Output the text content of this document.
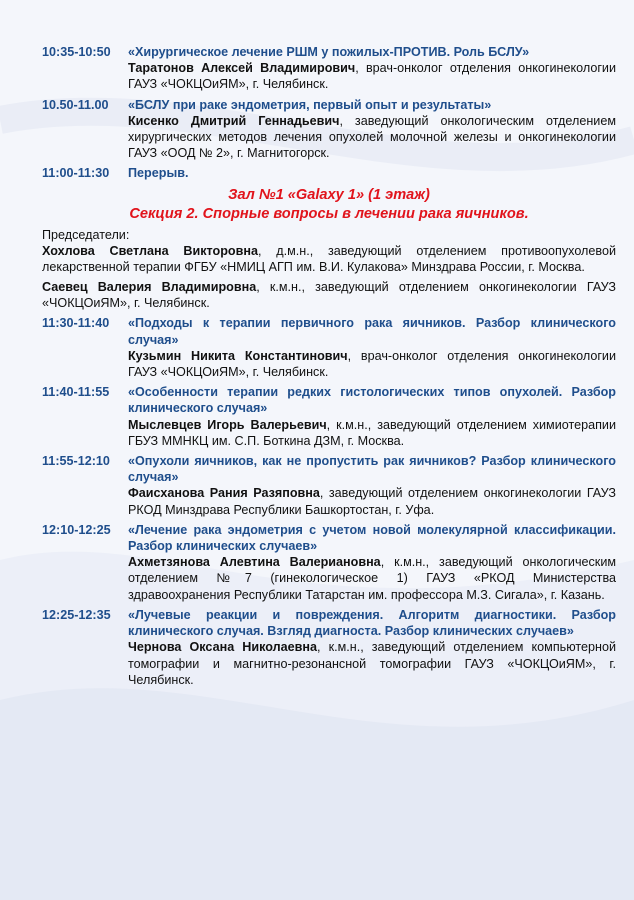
10:35-10:50	«Хирургическое лечение РШМ у пожилых-ПРОТИВ. Роль БСЛУ»
Таратонов Алексей Владимирович, врач-онколог отделения онкогинекологии ГАУЗ «ЧОКЦОиЯМ», г. Челябинск.
10.50-11.00	«БСЛУ при раке эндометрия, первый опыт и результаты»
Кисенко Дмитрий Геннадьевич, заведующий онкологическим отделением хирургических методов лечения опухолей молочной железы и онкогинекологии ГАУЗ «ООД № 2», г. Магнитогорск.
11:00-11:30	Перерыв.
Зал №1 «Galaxy 1» (1 этаж)
Секция 2. Спорные вопросы в лечении рака яичников.
Председатели:
Хохлова Светлана Викторовна, д.м.н., заведующий отделением противоопухолевой лекарственной терапии ФГБУ «НМИЦ АГП им. В.И. Кулакова» Минздрава России, г. Москва.
Саевец Валерия Владимировна, к.м.н., заведующий отделением онкогинекологии ГАУЗ «ЧОКЦОиЯМ», г. Челябинск.
11:30-11:40	«Подходы к терапии первичного рака яичников. Разбор клинического случая»
Кузьмин Никита Константинович, врач-онколог отделения онкогинекологии ГАУЗ «ЧОКЦОиЯМ», г. Челябинск.
11:40-11:55	«Особенности терапии редких гистологических типов опухолей. Разбор клинического случая»
Мыслевцев Игорь Валерьевич, к.м.н., заведующий отделением химиотерапии ГБУЗ ММНКЦ им. С.П. Боткина ДЗМ, г. Москва.
11:55-12:10	«Опухоли яичников, как не пропустить рак яичников? Разбор клинического случая»
Фаисханова Рания Разяповна, заведующий отделением онкогинекологии ГАУЗ РКОД Минздрава Республики Башкортостан, г. Уфа.
12:10-12:25	«Лечение рака эндометрия с учетом новой молекулярной классификации. Разбор клинических случаев»
Ахметзянова Алевтина Валериановна, к.м.н., заведующий онкологическим отделением №7 (гинекологическое 1) ГАУЗ «РКОД Министерства здравоохранения Республики Татарстан им. профессора М.З. Сигала», г. Казань.
12:25-12:35	«Лучевые реакции и повреждения. Алгоритм диагностики. Разбор клинического случая. Взгляд диагноста. Разбор клинических случаев»
Чернова Оксана Николаевна, к.м.н., заведующий отделением компьютерной томографии и магнитно-резонансной томографии ГАУЗ «ЧОКЦОиЯМ», г. Челябинск.
